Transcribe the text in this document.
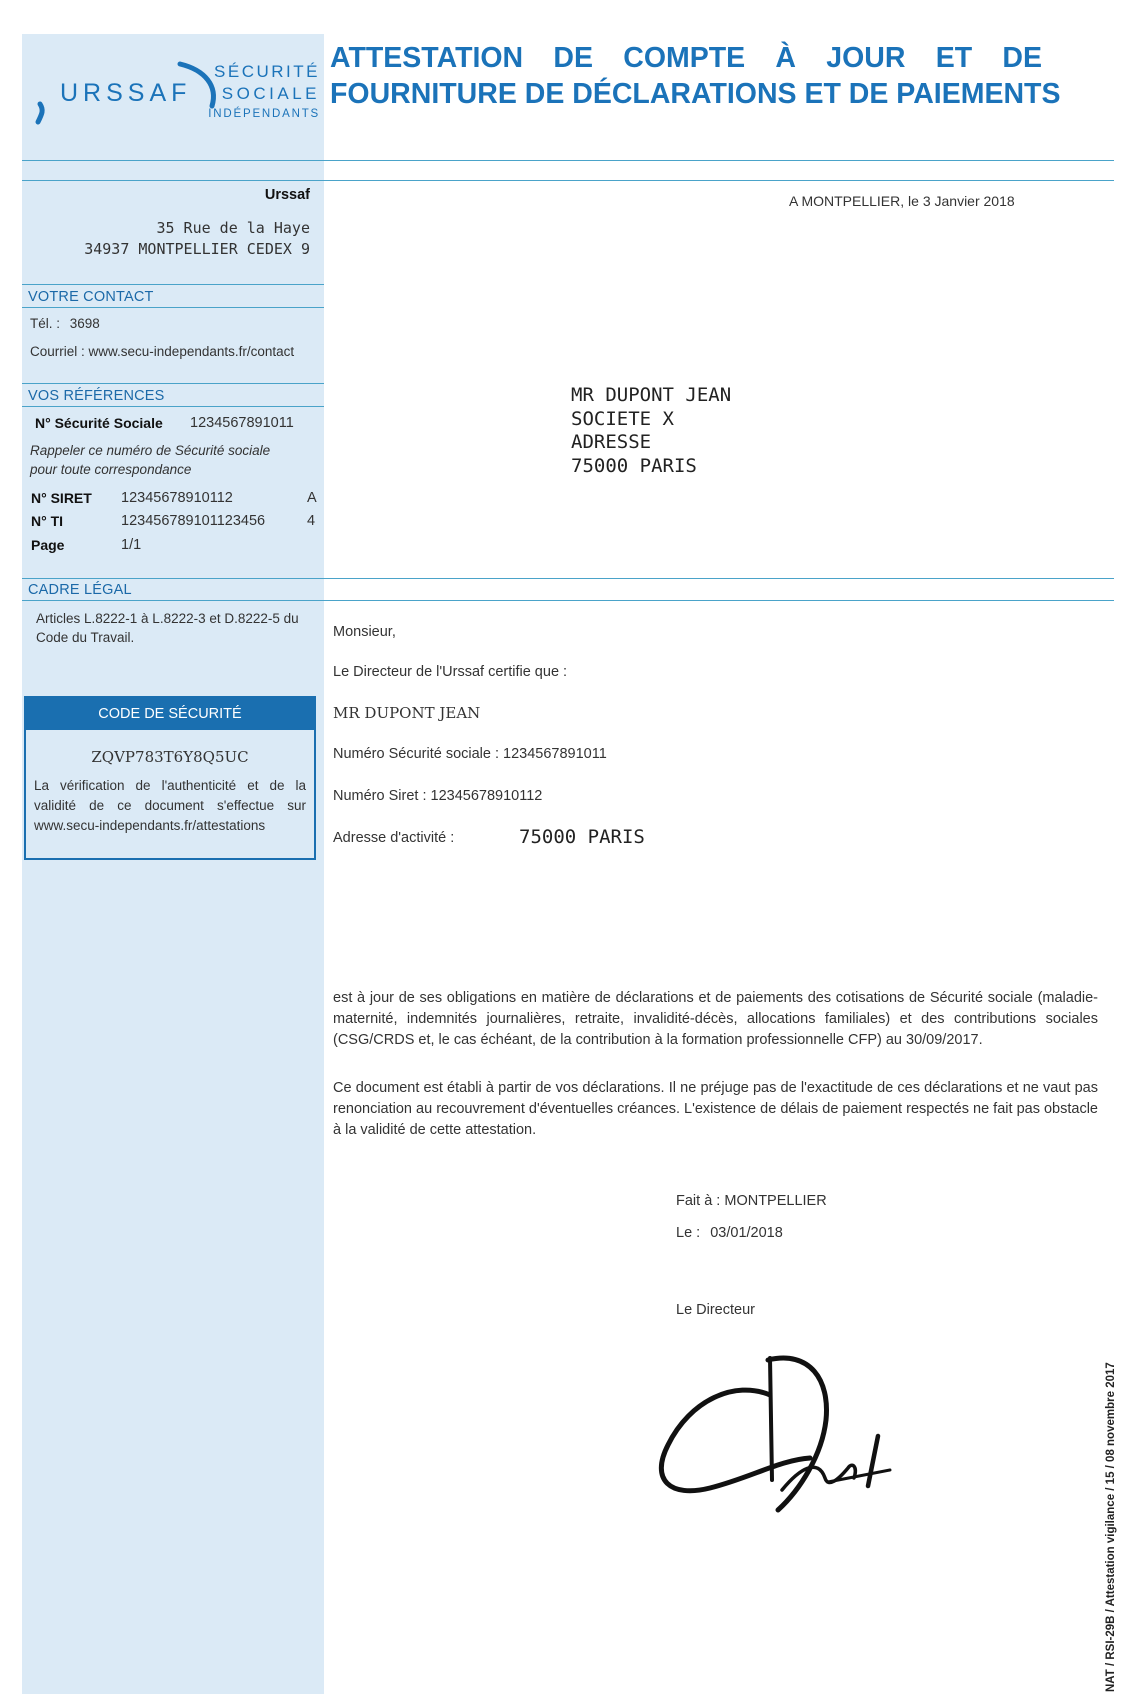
URSSAF
SÉCURITÉ
SOCIALE
INDÉPENDANTS
ATTESTATION DE COMPTE À JOUR ET DE
FOURNITURE DE DÉCLARATIONS ET DE PAIEMENTS
Urssaf
35 Rue de la Haye
34937 MONTPELLIER CEDEX 9
A MONTPELLIER, le 3 Janvier 2018
VOTRE CONTACT
Tél. : 3698
Courriel : www.secu-independants.fr/contact
VOS RÉFÉRENCES
N° Sécurité Sociale 1234567891011
Rappeler ce numéro de Sécurité sociale
pour toute correspondance
N° SIRET 12345678910112	A
N° TI	123456789101123456	4
Page	1/1
CADRE LÉGAL
Articles L.8222-1 à L.8222-3 et D.8222-5 du
Code du Travail.
CODE DE SÉCURITÉ
ZQVP783T6Y8Q5UC
La vérification de l'authenticité et de la
validité de ce document s'effectue sur
www.secu-independants.fr/attestations
MR DUPONT JEAN
SOCIETE X
ADRESSE
75000 PARIS
Monsieur,
Le Directeur de l'Urssaf certifie que :
MR DUPONT JEAN
Numéro Sécurité sociale : 1234567891011
Numéro Siret : 12345678910112
Adresse d'activité :	75000 PARIS
est à jour de ses obligations en matière de déclarations et de paiements des cotisations de Sécurité sociale (maladie-maternité, indemnités journalières, retraite, invalidité-décès, allocations familiales) et des contributions sociales (CSG/CRDS et, le cas échéant, de la contribution à la formation professionnelle CFP) au 30/09/2017.
Ce document est établi à partir de vos déclarations. Il ne préjuge pas de l'exactitude de ces déclarations et ne vaut pas renonciation au recouvrement d'éventuelles créances. L'existence de délais de paiement respectés ne fait pas obstacle à la validité de cette attestation.
Fait à : MONTPELLIER
Le : 03/01/2018
Le Directeur
NAT / RSI-29B / Attestation vigilance / 15 / 08 novembre 2017
